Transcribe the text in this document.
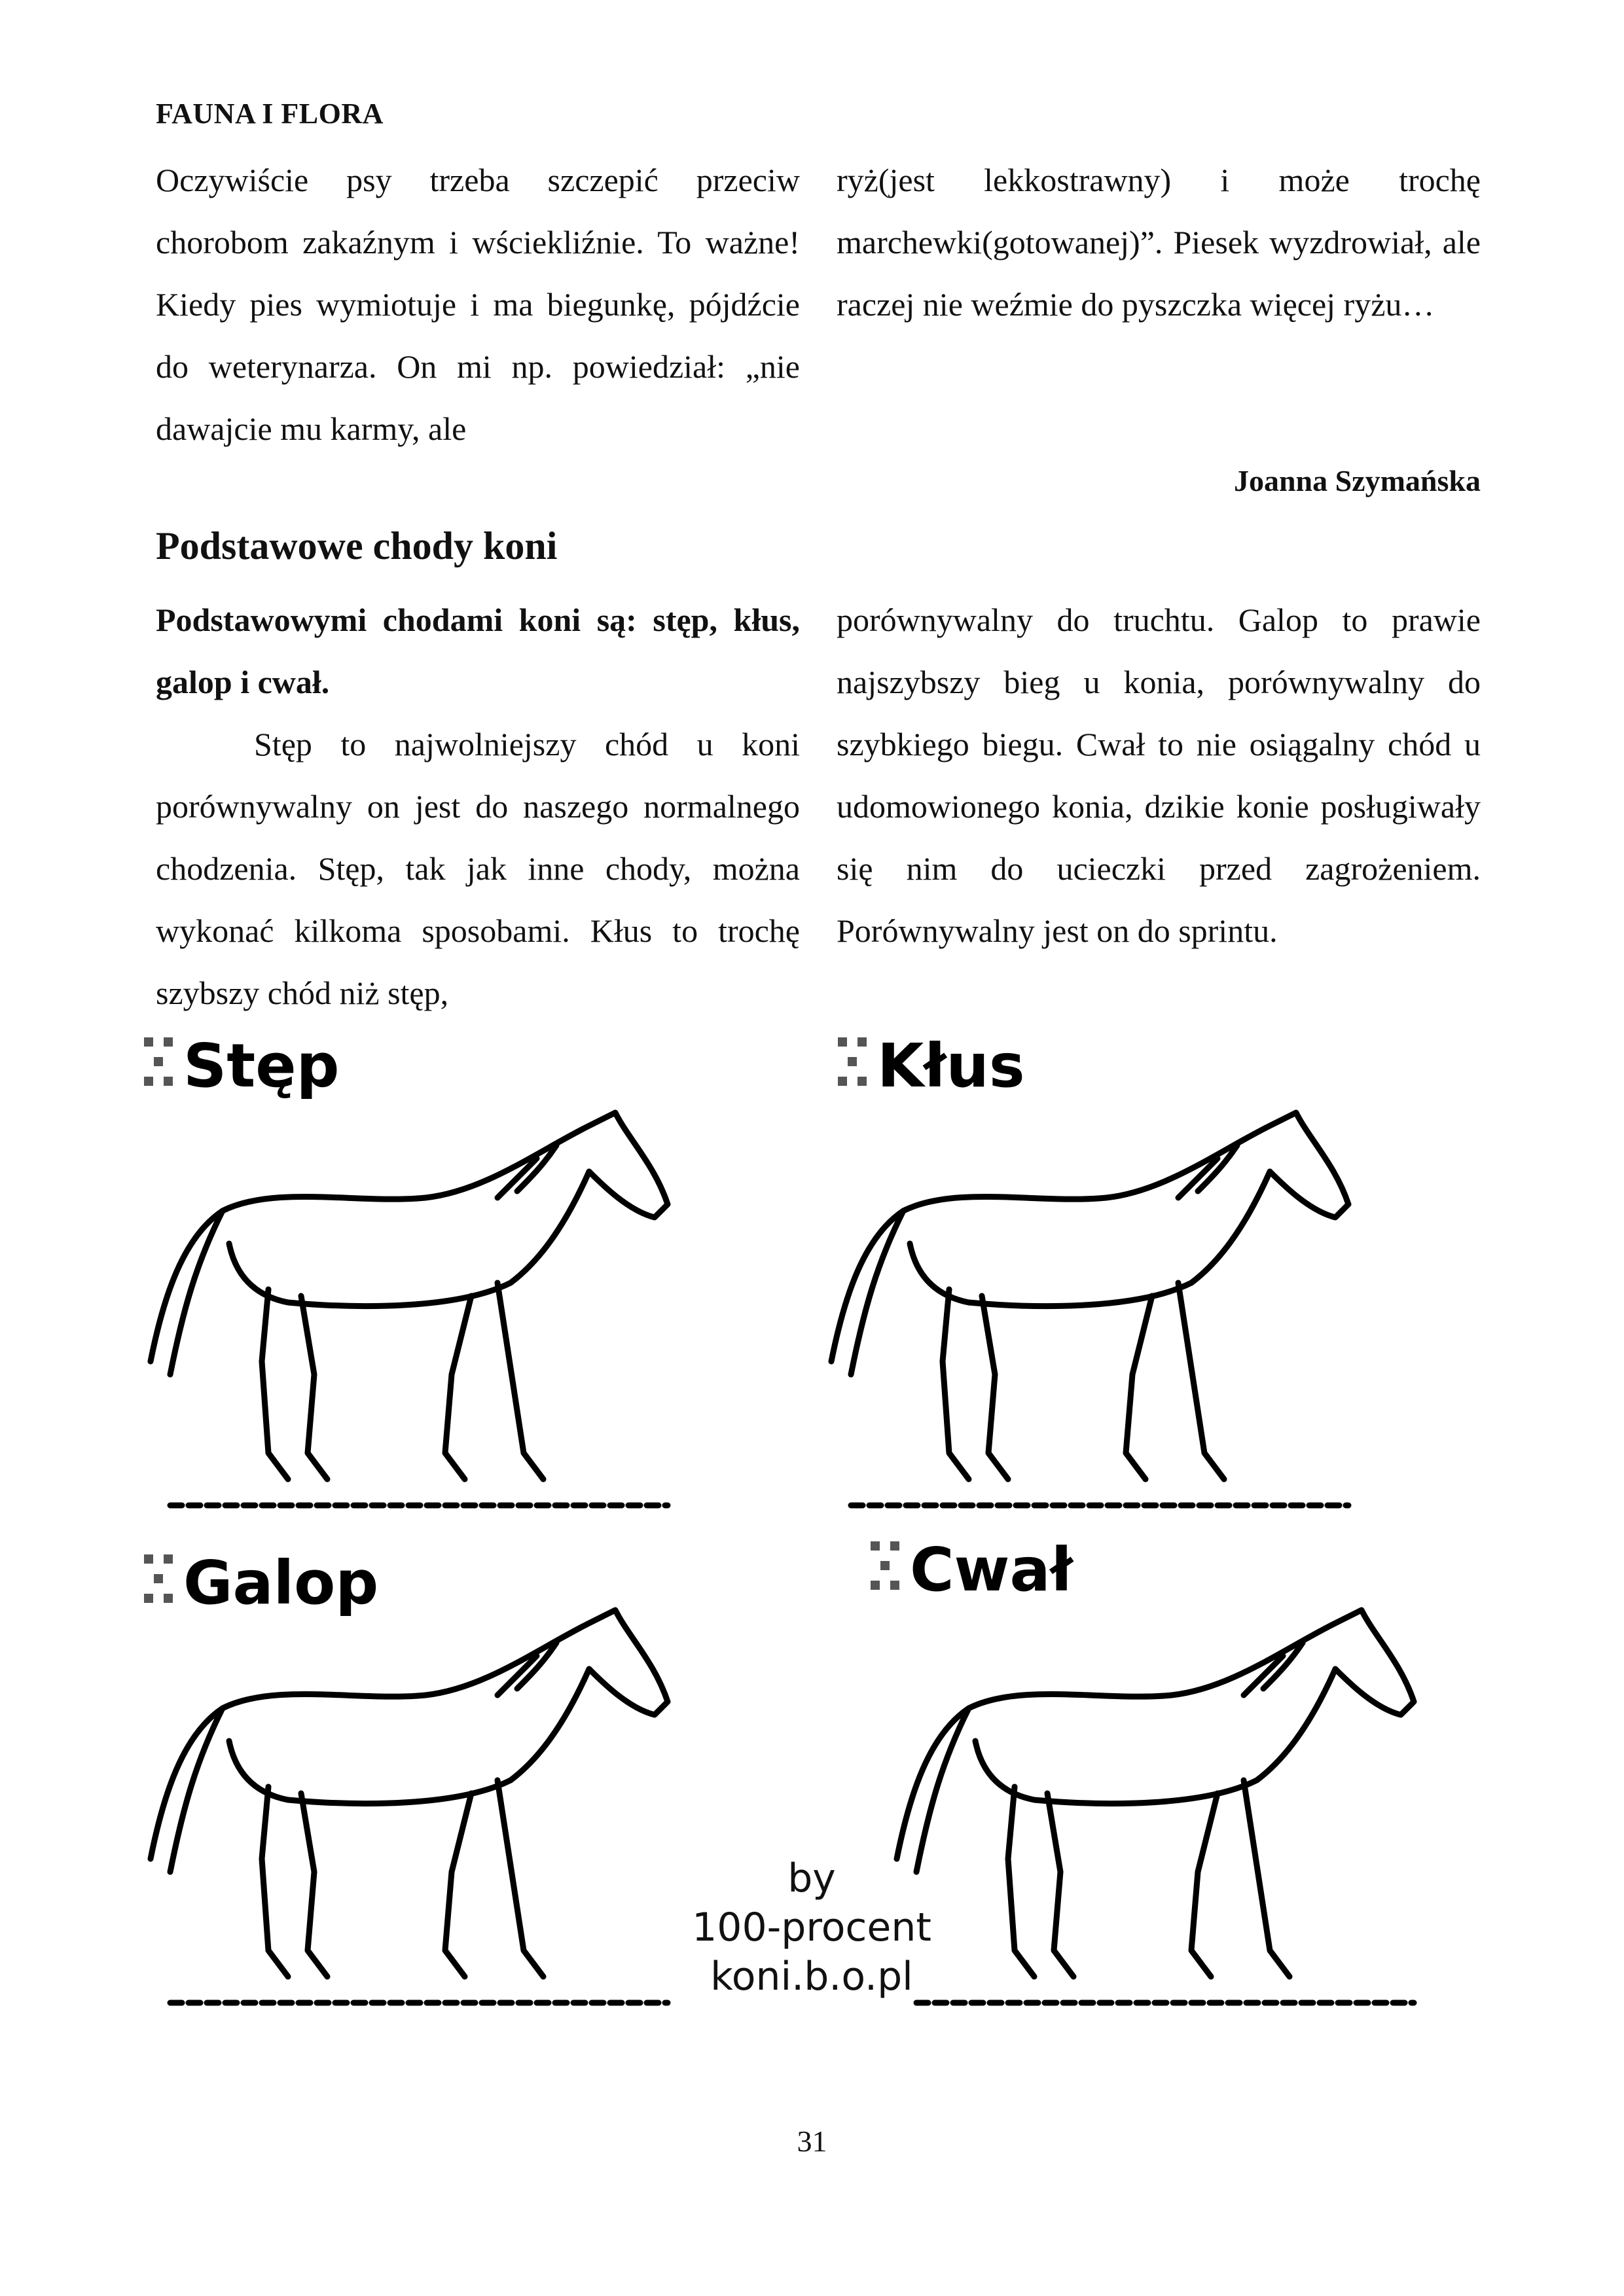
FAUNA I FLORA

Oczywiście psy trzeba szczepić przeciw chorobom zakaźnym i wściekliźnie. To ważne! Kiedy pies wymiotuje i ma biegunkę, pójdźcie do weterynarza. On mi np. powiedział: „nie dawajcie mu karmy, ale

ryż(jest lekkostrawny) i może trochę marchewki(gotowanej)”. Piesek wyzdrowiał, ale raczej nie weźmie do pyszczka więcej ryżu…

Joanna Szymańska
Podstawowe chody koni

Podstawowymi chodami koni są: stęp, kłus, galop i cwał.

Stęp to najwolniejszy chód u koni porównywalny on jest do naszego normalnego chodzenia. Stęp, tak jak inne chody, można wykonać kilkoma sposobami. Kłus to trochę szybszy chód niż stęp,

porównywalny do truchtu. Galop to prawie najszybszy bieg u konia, porównywalny do szybkiego biegu. Cwał to nie osiągalny chód u udomowionego konia, dzikie konie posługiwały się nim do ucieczki przed zagrożeniem. Porównywalny jest on do sprintu.

Stęp	Kłus
Galop	Cwał
by
100-procent
koni.b.o.pl
31
